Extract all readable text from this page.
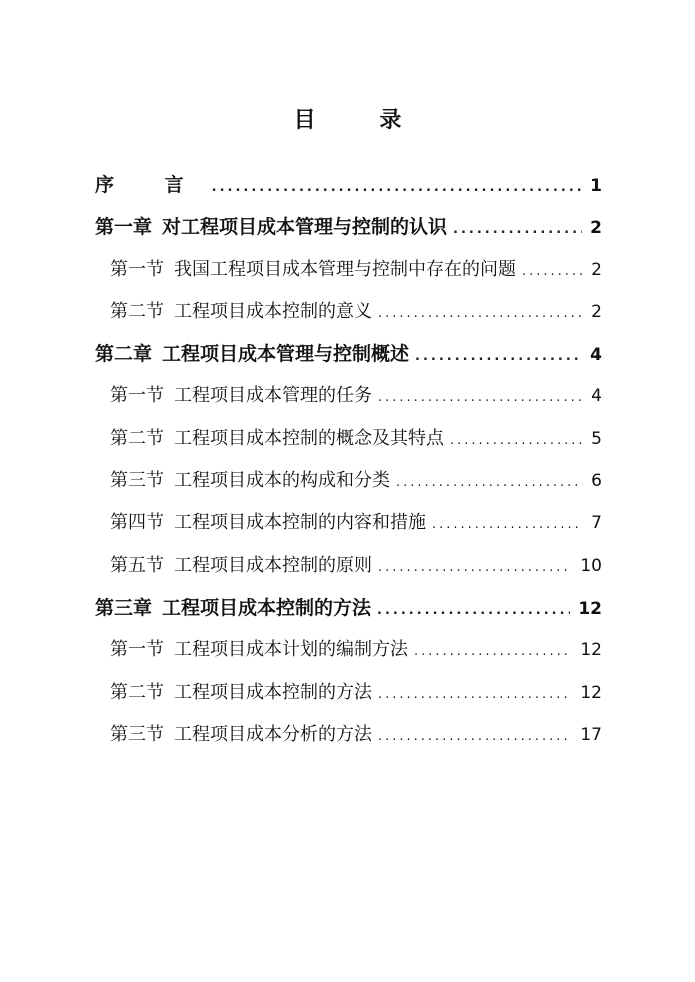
目 录
序 言 .....	1
第一章 对工程项目成本管理与控制的认识 .....	2
第一节 我国工程项目成本管理与控制中存在的问题 .....	2
第二节 工程项目成本控制的意义 .....	2
第二章 工程项目成本管理与控制概述 .....	4
第一节 工程项目成本管理的任务 .....	4
第二节 工程项目成本控制的概念及其特点 .....	5
第三节 工程项目成本的构成和分类 .....	6
第四节 工程项目成本控制的内容和措施 .....	7
第五节 工程项目成本控制的原则 .....	10
第三章 工程项目成本控制的方法 .....	12
第一节 工程项目成本计划的编制方法 .....	12
第二节 工程项目成本控制的方法 .....	12
第三节 工程项目成本分析的方法 .....	17
